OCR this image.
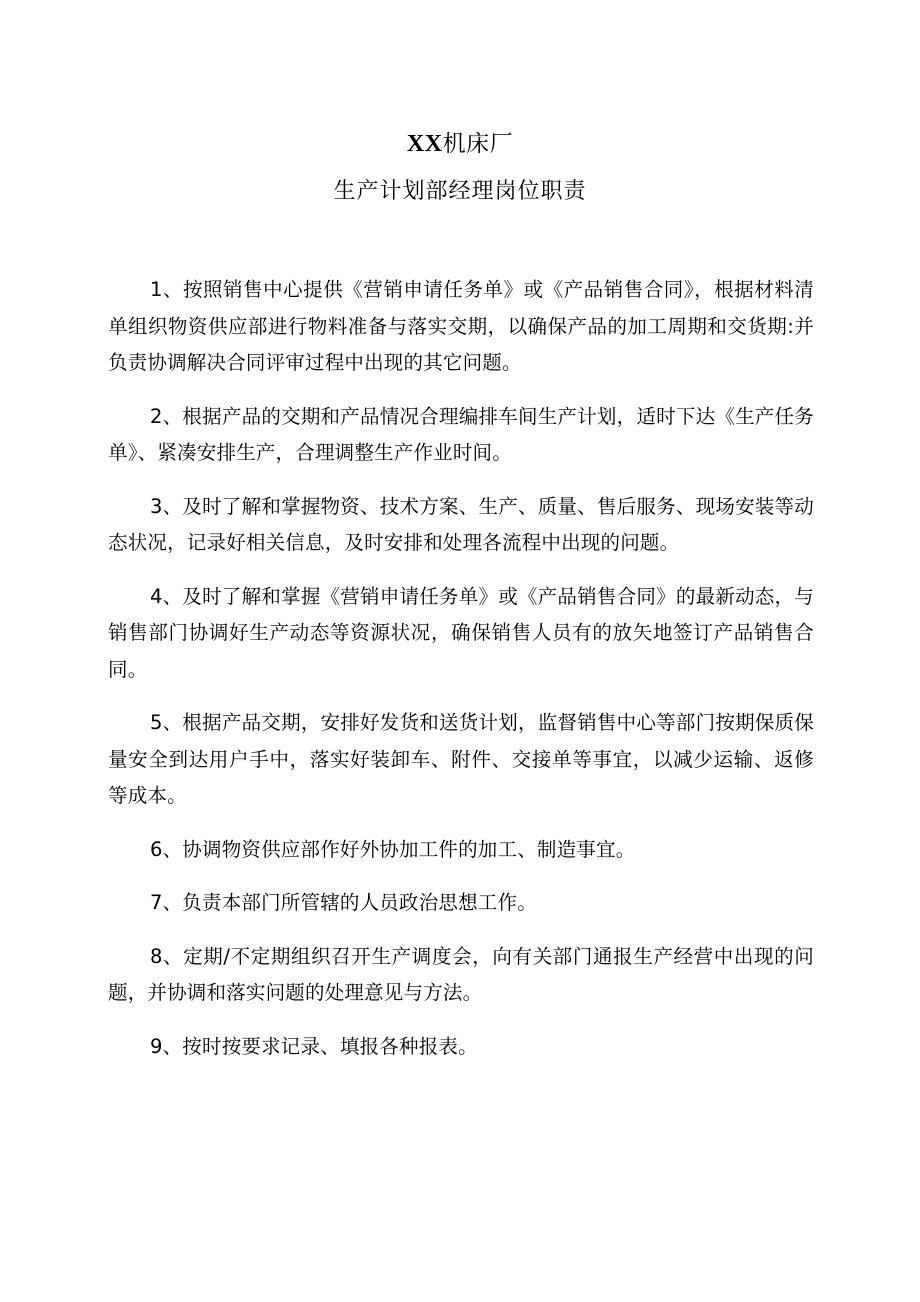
XX机床厂
生产计划部经理岗位职责

1、按照销售中心提供《营销申请任务单》或《产品销售合同》，根据材料清单组织物资供应部进行物料准备与落实交期，以确保产品的加工周期和交货期:并负责协调解决合同评审过程中出现的其它问题。

2、根据产品的交期和产品情况合理编排车间生产计划，适时下达《生产任务单》、紧凑安排生产，合理调整生产作业时间。

3、及时了解和掌握物资、技术方案、生产、质量、售后服务、现场安装等动态状况，记录好相关信息，及时安排和处理各流程中出现的问题。

4、及时了解和掌握《营销申请任务单》或《产品销售合同》的最新动态，与销售部门协调好生产动态等资源状况，确保销售人员有的放矢地签订产品销售合同。

5、根据产品交期，安排好发货和送货计划，监督销售中心等部门按期保质保量安全到达用户手中，落实好装卸车、附件、交接单等事宜，以减少运输、返修等成本。

6、协调物资供应部作好外协加工件的加工、制造事宜。

7、负责本部门所管辖的人员政治思想工作。

8、定期/不定期组织召开生产调度会，向有关部门通报生产经营中出现的问题，并协调和落实问题的处理意见与方法。

9、按时按要求记录、填报各种报表。
